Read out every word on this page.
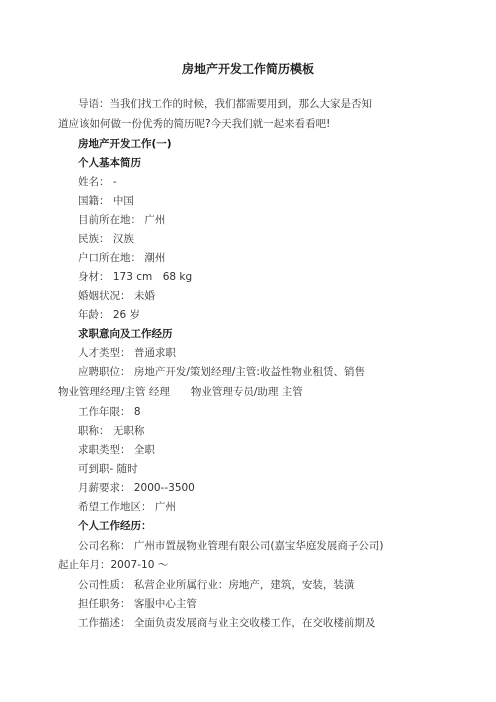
房地产开发工作简历模板
导语：当我们找工作的时候，我们都需要用到，那么大家是否知
道应该如何做一份优秀的简历呢?今天我们就一起来看看吧!
房地产开发工作(一)
个人基本简历
姓名： -
国籍： 中国
目前所在地： 广州
民族： 汉族
户口所在地： 潮州
身材： 173 cm　68 kg
婚姻状况： 未婚
年龄： 26 岁
求职意向及工作经历
人才类型： 普通求职
应聘职位： 房地产开发/策划经理/主管:收益性物业租赁、销售
物业管理经理/主管 经理　　物业管理专员/助理 主管
工作年限： 8
职称： 无职称
求职类型： 全职
可到职- 随时
月薪要求： 2000--3500
希望工作地区： 广州
个人工作经历：
公司名称： 广州市置晟物业管理有限公司(嘉宝华庭发展商子公司)
起止年月：2007-10 ～
公司性质： 私营企业所属行业：房地产，建筑，安装，装潢
担任职务： 客服中心主管
工作描述： 全面负责发展商与业主交收楼工作，在交收楼前期及
